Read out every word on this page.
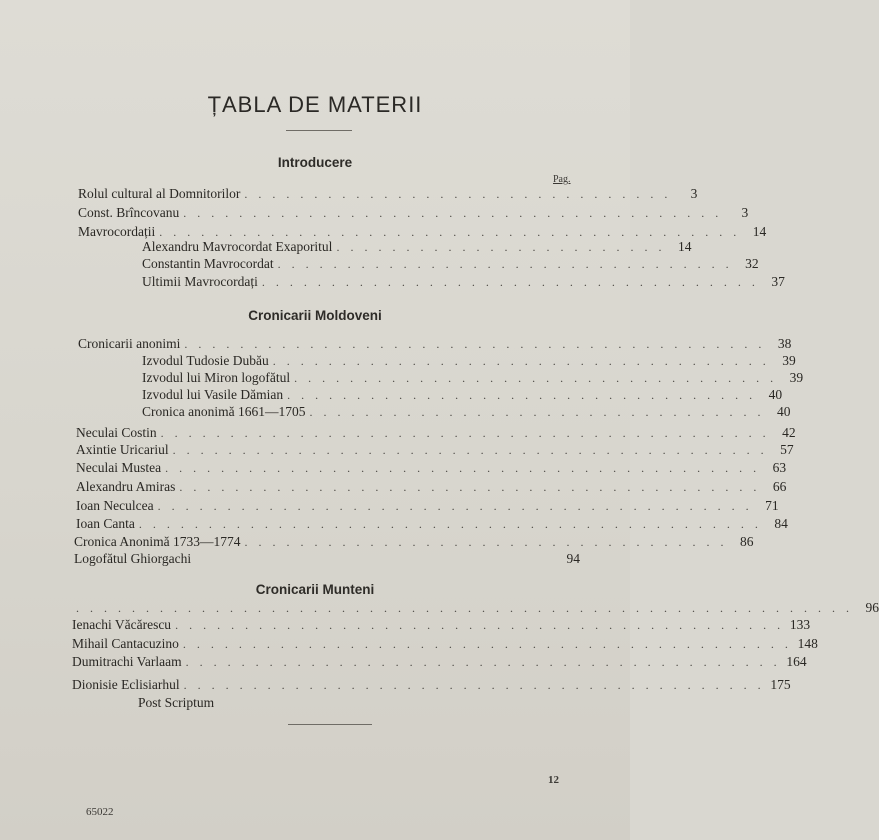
ȚABLA DE MATERII
Introducere
Pag.
Rolul cultural al Domnitorilor . . . . . . . . . . . . . . . . . . . . . . . . . . . . . . .	3
Const. Brîncovanu . . . . . . . . . . . . . . . . . . . . . . . . . . . . . . . . . . . . . . .	3
Mavrocordații . . . . . . . . . . . . . . . . . . . . . . . . . . . . . . . . . . . . . . . . . . 14
Alexandru Mavrocordat Exaporitul . . . . . . . . . . . . . . . . . . . . . . . . 14
Constantin Mavrocordat . . . . . . . . . . . . . . . . . . . . . . . . . . . . . . . . . 32
Ultimii Mavrocordați . . . . . . . . . . . . . . . . . . . . . . . . . . . . . . . . . . . . 37
Cronicarii Moldoveni
Cronicarii anonimi . . . . . . . . . . . . . . . . . . . . . . . . . . . . . . . . . . . . . . . . . . 38
Izvodul Tudosie Dubău . . . . . . . . . . . . . . . . . . . . . . . . . . . . . . . . . . . . 39
Izvodul lui Miron logofătul . . . . . . . . . . . . . . . . . . . . . . . . . . . . . . . . . . . 39
Izvodul lui Vasile Dămian . . . . . . . . . . . . . . . . . . . . . . . . . . . . . . . . . . 40
Cronica anonimă 1661—1705 . . . . . . . . . . . . . . . . . . . . . . . . . . . . . . . . . 40
Neculai Costin . . . . . . . . . . . . . . . . . . . . . . . . . . . . . . . . . . . . . . . . . . . . 42
Axintie Uricariul . . . . . . . . . . . . . . . . . . . . . . . . . . . . . . . . . . . . . . . . . . . 57
Neculai Mustea . . . . . . . . . . . . . . . . . . . . . . . . . . . . . . . . . . . . . . . . . . . 63
Alexandru Amiras . . . . . . . . . . . . . . . . . . . . . . . . . . . . . . . . . . . . . . . . . . 66
Ioan Neculcea . . . . . . . . . . . . . . . . . . . . . . . . . . . . . . . . . . . . . . . . . . . 71
Ioan Canta . . . . . . . . . . . . . . . . . . . . . . . . . . . . . . . . . . . . . . . . . . . . . 84
Cronica Anonimă 1733—1774 . . . . . . . . . . . . . . . . . . . . . . . . . . . . . . . . . . . 86
Logofătul Ghiorgachi	94
Cronicarii Munteni
. . . . . . . . . . . . . . . . . . . . . . . . . . . . . . . . . . . . . . . . . . . . . . . . . . . . . . . . 96
Ienachi Văcărescu . . . . . . . . . . . . . . . . . . . . . . . . . . . . . . . . . . . . . . . . . . . . 133
Mihail Cantacuzino . . . . . . . . . . . . . . . . . . . . . . . . . . . . . . . . . . . . . . . . . . . . 148
Dumitrachi Varlaam . . . . . . . . . . . . . . . . . . . . . . . . . . . . . . . . . . . . . . . . . . . 164
Dionisie Eclisiarhul . . . . . . . . . . . . . . . . . . . . . . . . . . . . . . . . . . . . . . . . . . 175
Post Scriptum
12
65022
